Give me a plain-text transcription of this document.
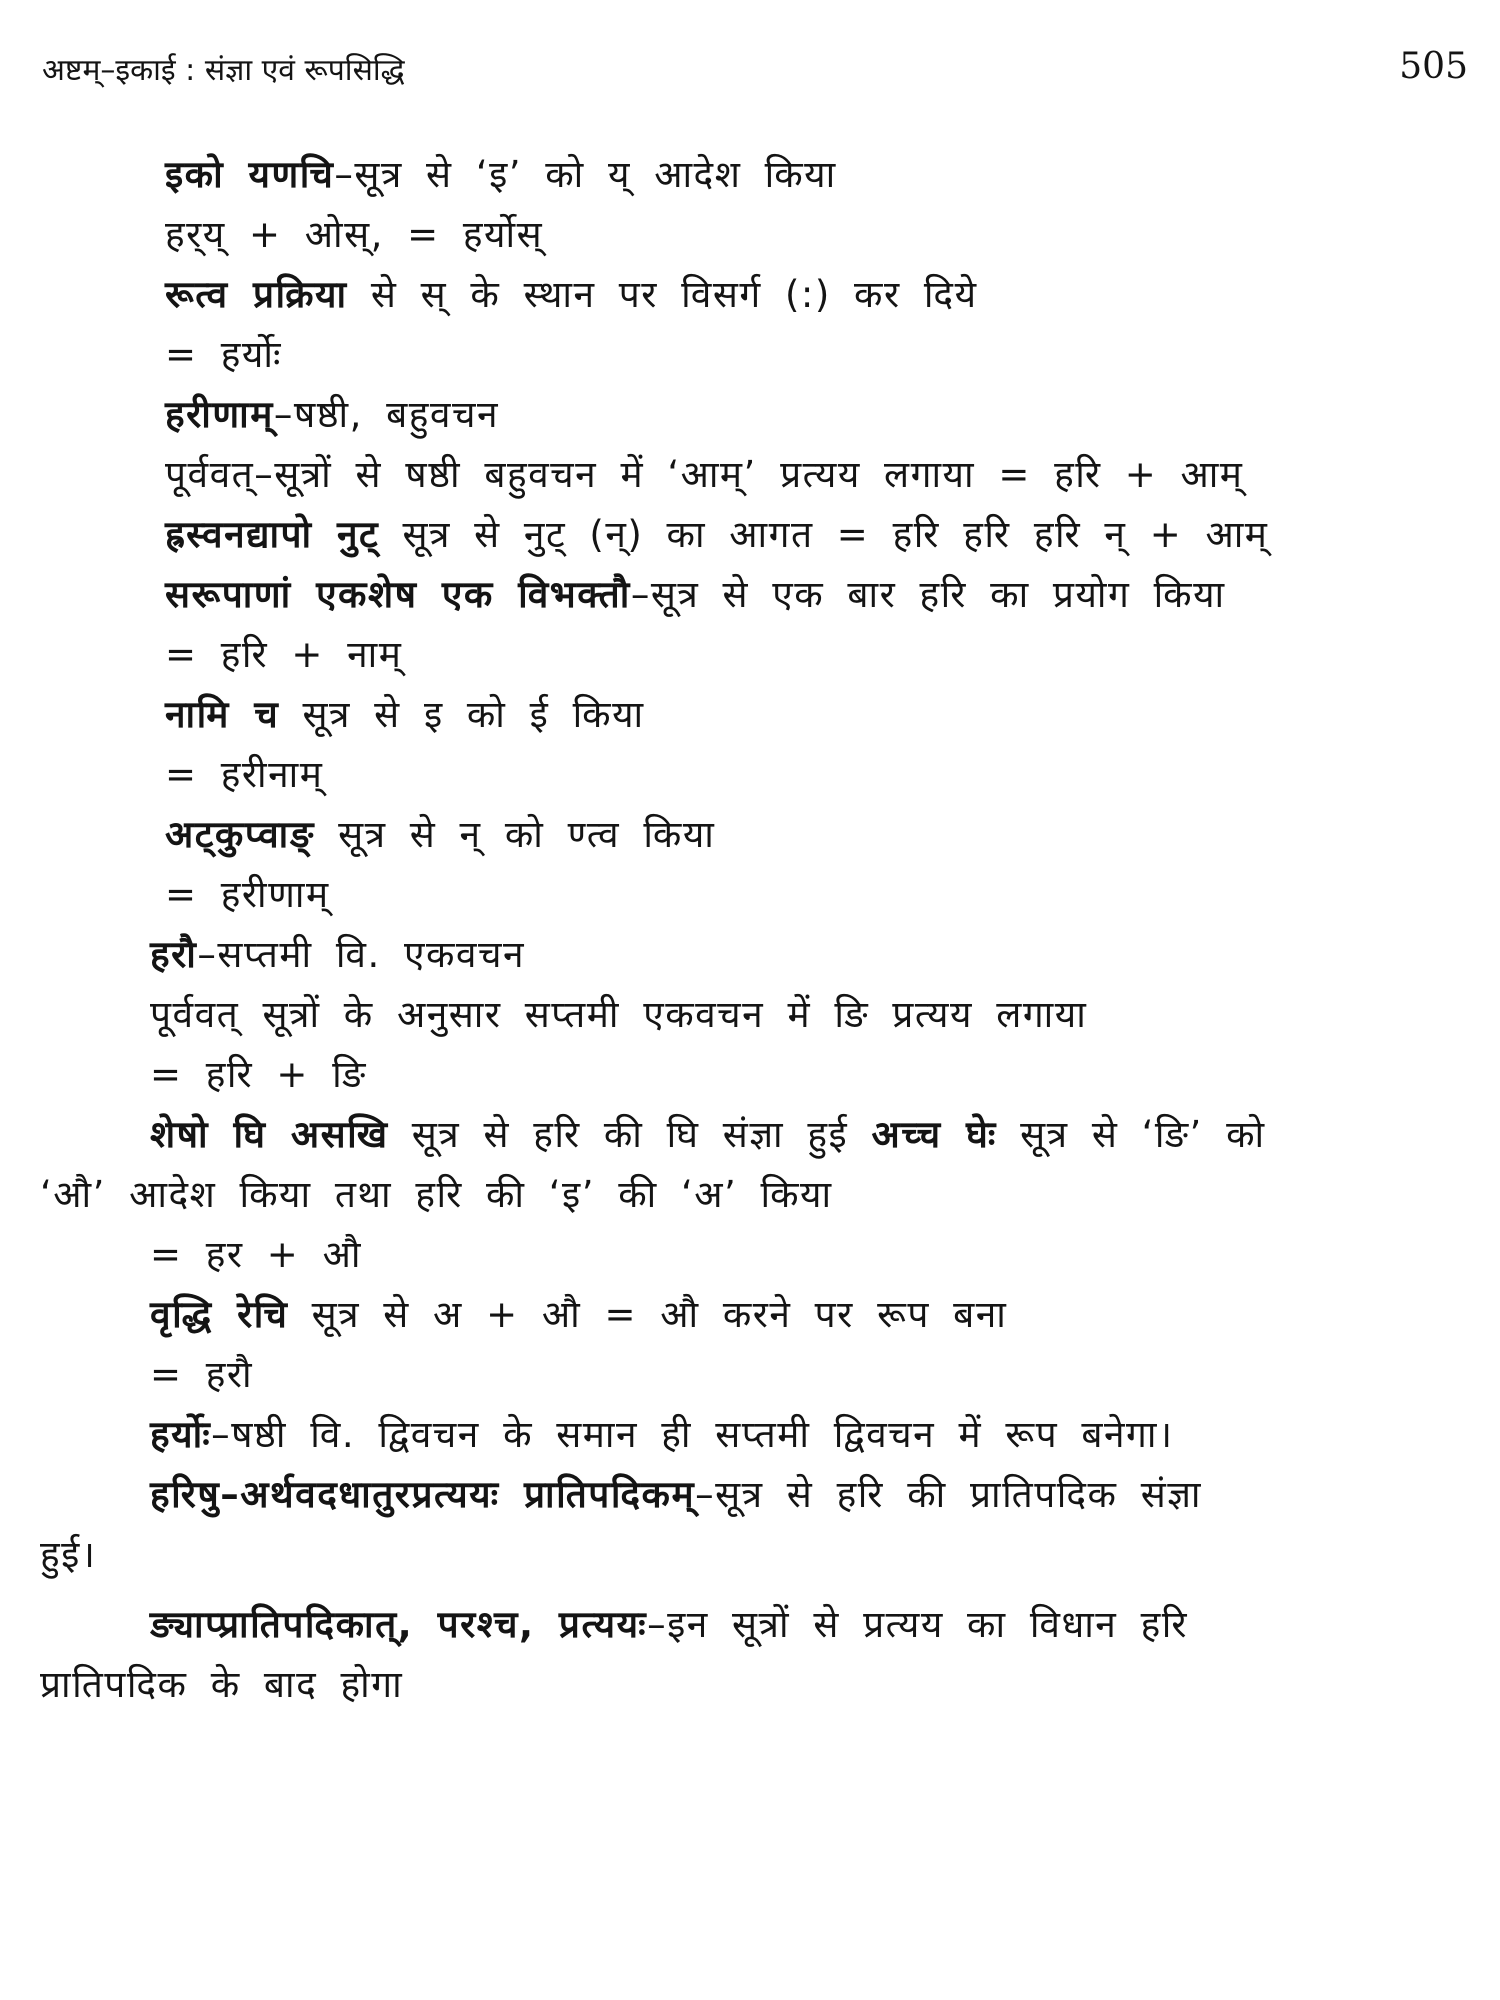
अष्टम्–इकाई : संज्ञा एवं रूपसिद्धि	505
इको यणचि–सूत्र से ‘इ’ को य् आदेश किया
हर्‌य् + ओस्, = हर्योस्
रूत्व प्रक्रिया से स् के स्थान पर विसर्ग (:) कर दिये
= हर्योः
हरीणाम्–षष्ठी, बहुवचन
पूर्ववत्–सूत्रों से षष्ठी बहुवचन में ‘आम्’ प्रत्यय लगाया = हरि + आम्
ह्रस्वनद्यापो नुट् सूत्र से नुट् (न्) का आगत = हरि हरि हरि न् + आम्
सरूपाणां एकशेष एक विभक्तौ–सूत्र से एक बार हरि का प्रयोग किया
= हरि + नाम्
नामि च सूत्र से इ को ई किया
= हरीनाम्
अट्कुप्वाङ् सूत्र से न् को ण्त्व किया
= हरीणाम्
हरौ–सप्तमी वि. एकवचन
पूर्ववत् सूत्रों के अनुसार सप्तमी एकवचन में ङि प्रत्यय लगाया
= हरि + ङि
शेषो घि असखि सूत्र से हरि की घि संज्ञा हुई अच्च घेः सूत्र से ‘ङि’ को
‘औ’ आदेश किया तथा हरि की ‘इ’ की ‘अ’ किया
= हर + औ
वृद्धि रेचि सूत्र से अ + औ = औ करने पर रूप बना
= हरौ
हर्योः–षष्ठी वि. द्विवचन के समान ही सप्तमी द्विवचन में रूप बनेगा।
हरिषु–अर्थवदधातुरप्रत्ययः प्रातिपदिकम्–सूत्र से हरि की प्रातिपदिक संज्ञा
हुई।
ङ्याप्प्रातिपदिकात्, परश्च, प्रत्ययः–इन सूत्रों से प्रत्यय का विधान हरि
प्रातिपदिक के बाद होगा
